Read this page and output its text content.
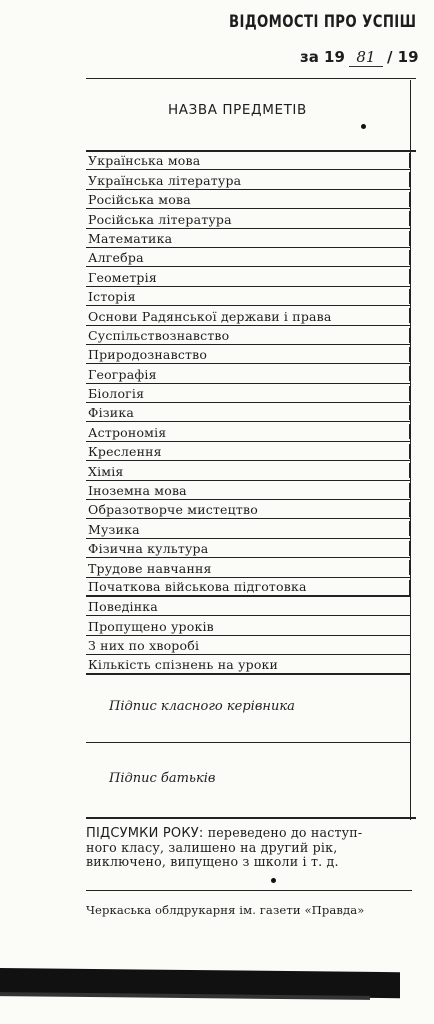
ВІДОМОСТІ ПРО УСПІШ
за 19 81 / 19
НАЗВА ПРЕДМЕТІВ
Українська мова
Українська література
Російська мова
Російська література
Математика
Алгебра
Геометрія
Історія
Основи Радянської держави і права
Суспільствознавство
Природознавство
Географія
Біологія
Фізика
Астрономія
Креслення
Хімія
Іноземна мова
Образотворче мистецтво
Музика
Фізична культура
Трудове навчання
Початкова військова підготовка
Поведінка
Пропущено уроків
З них по хворобі
Кількість спізнень на уроки
Підпис класного керівника
Підпис батьків
ПІДСУМКИ РОКУ: переведено до наступ-
ного класу, залишено на другий рік,
виключено, випущено з школи і т. д.
Черкаська облдрукарня ім. газети «Правда»
